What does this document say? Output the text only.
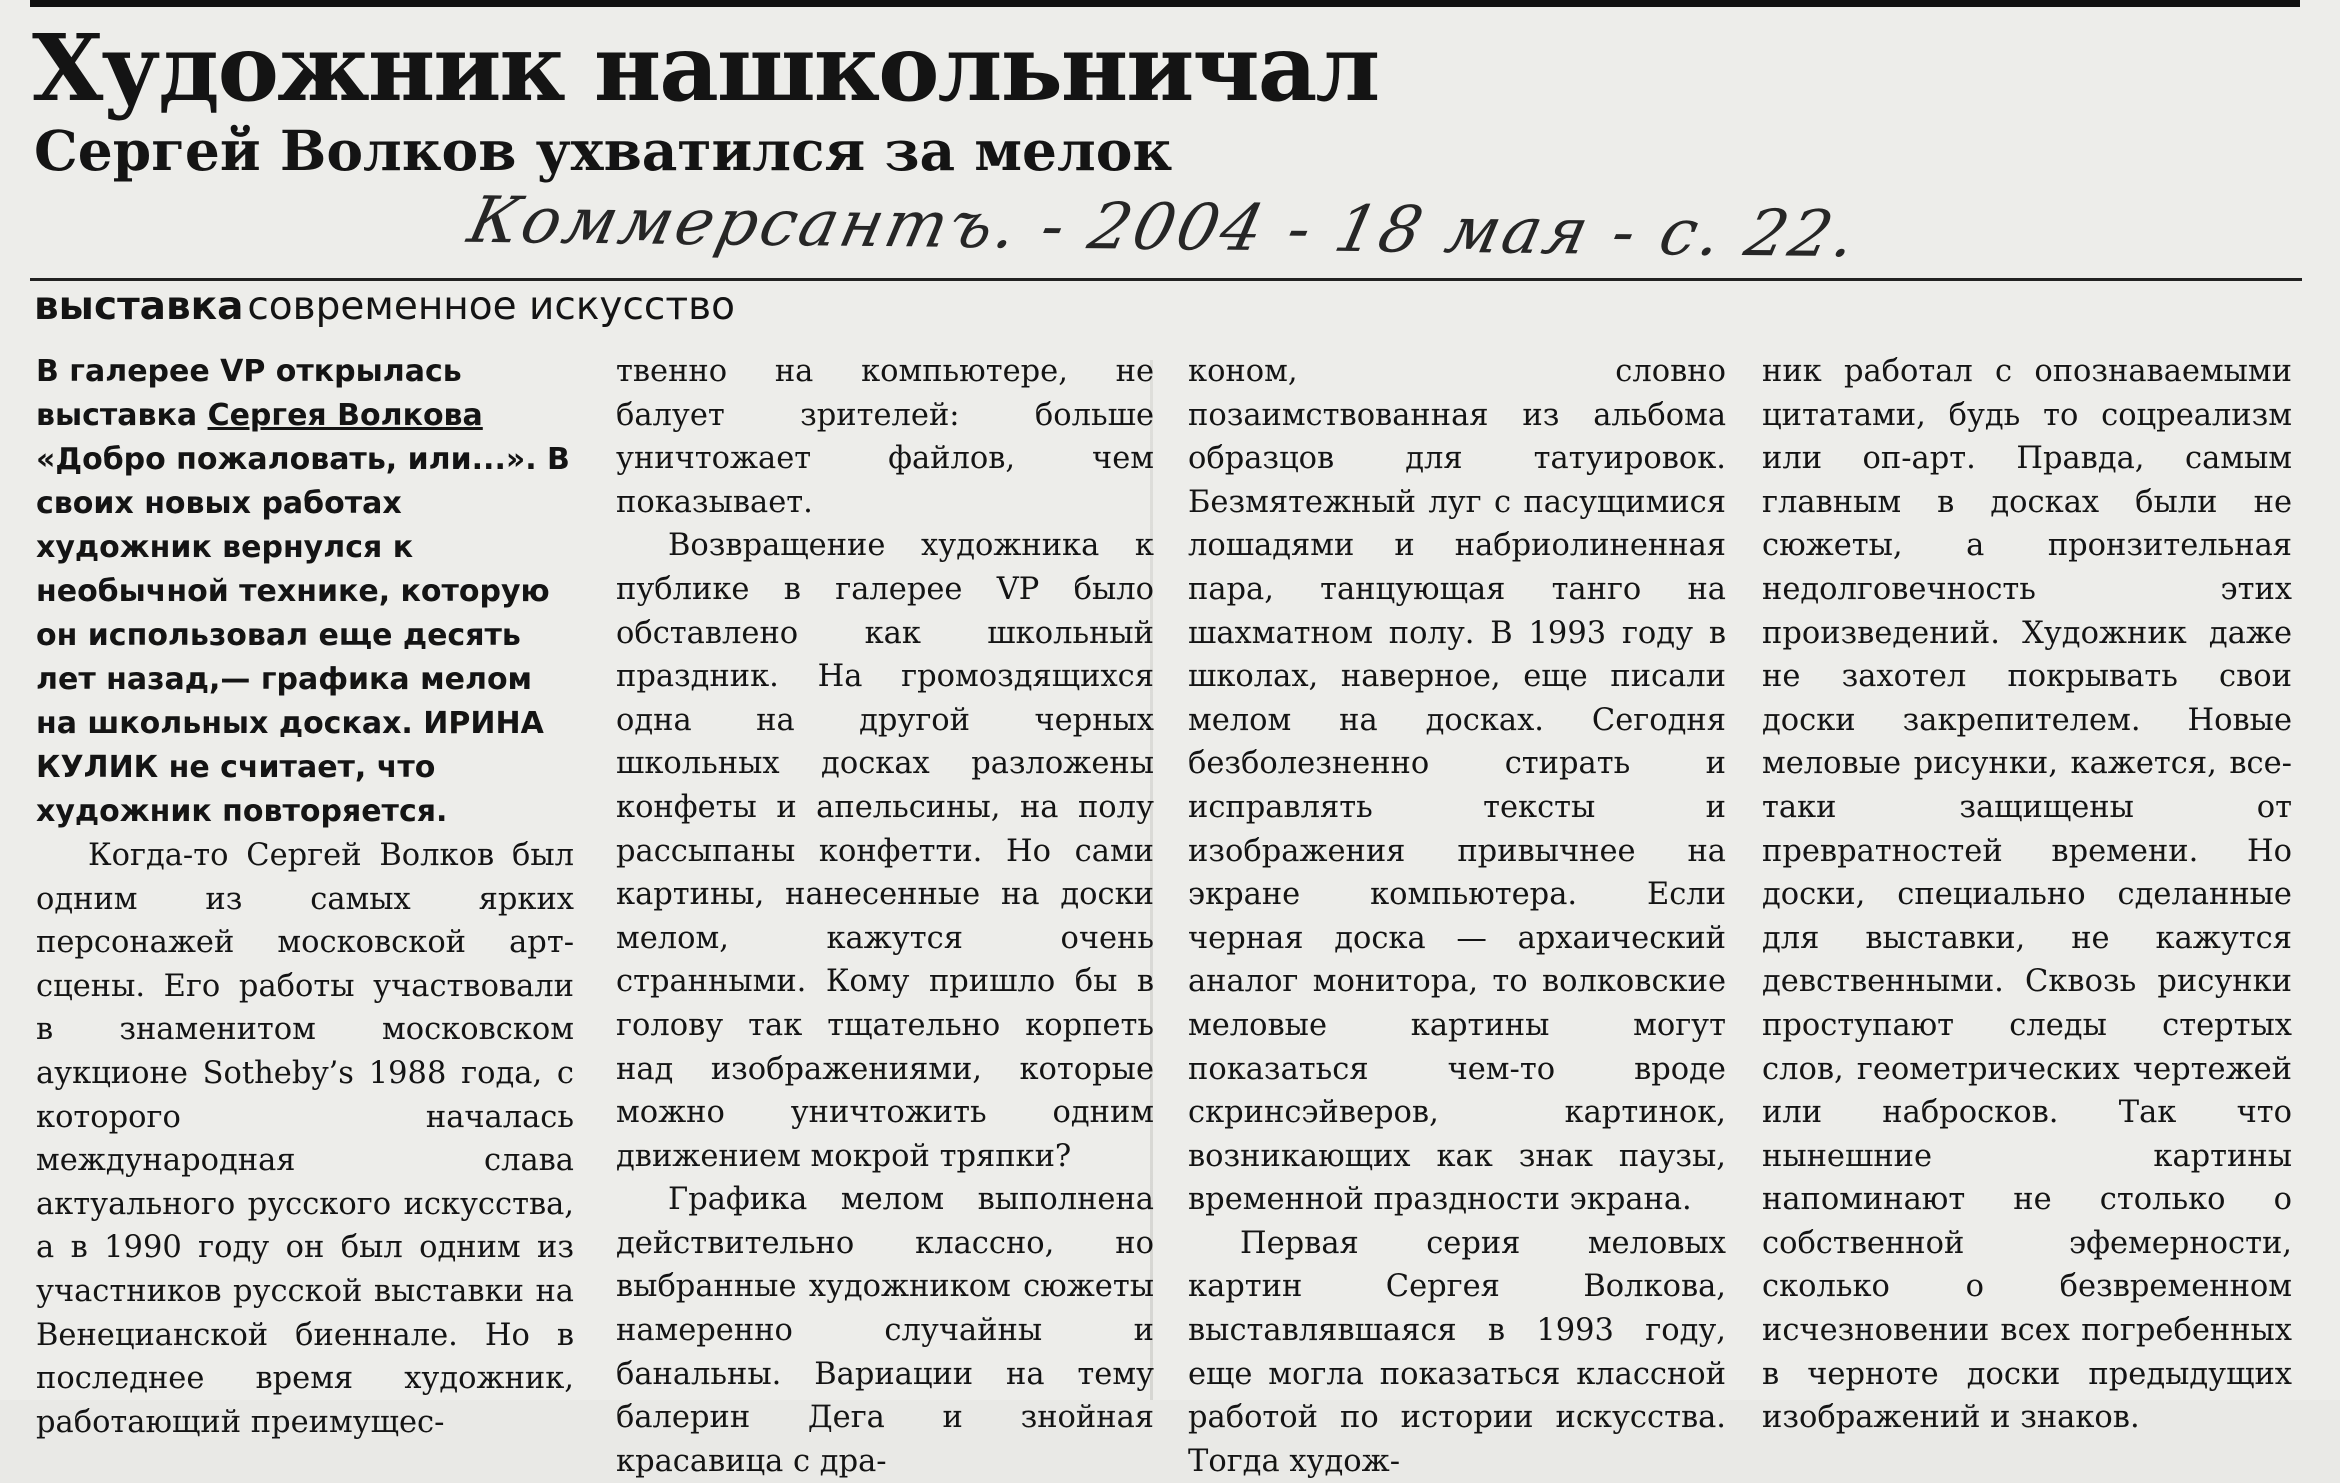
Художник нашкольничал
Сергей Волков ухватился за мелок
Коммерсантъ. - 2004 - 18 мая - с. 22.
выставка современное искусство
В галерее VP открылась выставка Сергея Волкова «Добро пожаловать, или...». В своих новых работах художник вернулся к необычной технике, которую он использовал еще десять лет назад,— графика мелом на школьных досках. ИРИНА КУЛИК не считает, что художник повторяется.

Когда-то Сергей Волков был одним из самых ярких персонажей московской арт-сцены. Его работы участвовали в знаменитом московском аукционе Sotheby’s 1988 года, с которого началась международная слава актуального русского искусства, а в 1990 году он был одним из участников русской выставки на Венецианской биеннале. Но в последнее время художник, работающий преимущес-

твенно на компьютере, не балует зрителей: больше уничтожает файлов, чем показывает.

Возвращение художника к публике в галерее VP было обставлено как школьный праздник. На громоздящихся одна на другой черных школьных досках разложены конфеты и апельсины, на полу рассыпаны конфетти. Но сами картины, нанесенные на доски мелом, кажутся очень странными. Кому пришло бы в голову так тщательно корпеть над изображениями, которые можно уничтожить одним движением мокрой тряпки?

Графика мелом выполнена действительно классно, но выбранные художником сюжеты намеренно случайны и банальны. Вариации на тему балерин Дега и знойная красавица с дра-

коном, словно позаимствованная из альбома образцов для татуировок. Безмятежный луг с пасущимися лошадями и набриолиненная пара, танцующая танго на шахматном полу. В 1993 году в школах, наверное, еще писали мелом на досках. Сегодня безболезненно стирать и исправлять тексты и изображения привычнее на экране компьютера. Если черная доска — архаический аналог монитора, то волковские меловые картины могут показаться чем-то вроде скринсэйверов, картинок, возникающих как знак паузы, временной праздности экрана.

Первая серия меловых картин Сергея Волкова, выставлявшаяся в 1993 году, еще могла показаться классной работой по истории искусства. Тогда худож-

ник работал с опознаваемыми цитатами, будь то соцреализм или оп-арт. Правда, самым главным в досках были не сюжеты, а пронзительная недолговечность этих произведений. Художник даже не захотел покрывать свои доски закрепителем. Новые меловые рисунки, кажется, все-таки защищены от превратностей времени. Но доски, специально сделанные для выставки, не кажутся девственными. Сквозь рисунки проступают следы стертых слов, геометрических чертежей или набросков. Так что нынешние картины напоминают не столько о собственной эфемерности, сколько о безвременном исчезновении всех погребенных в черноте доски предыдущих изображений и знаков.
